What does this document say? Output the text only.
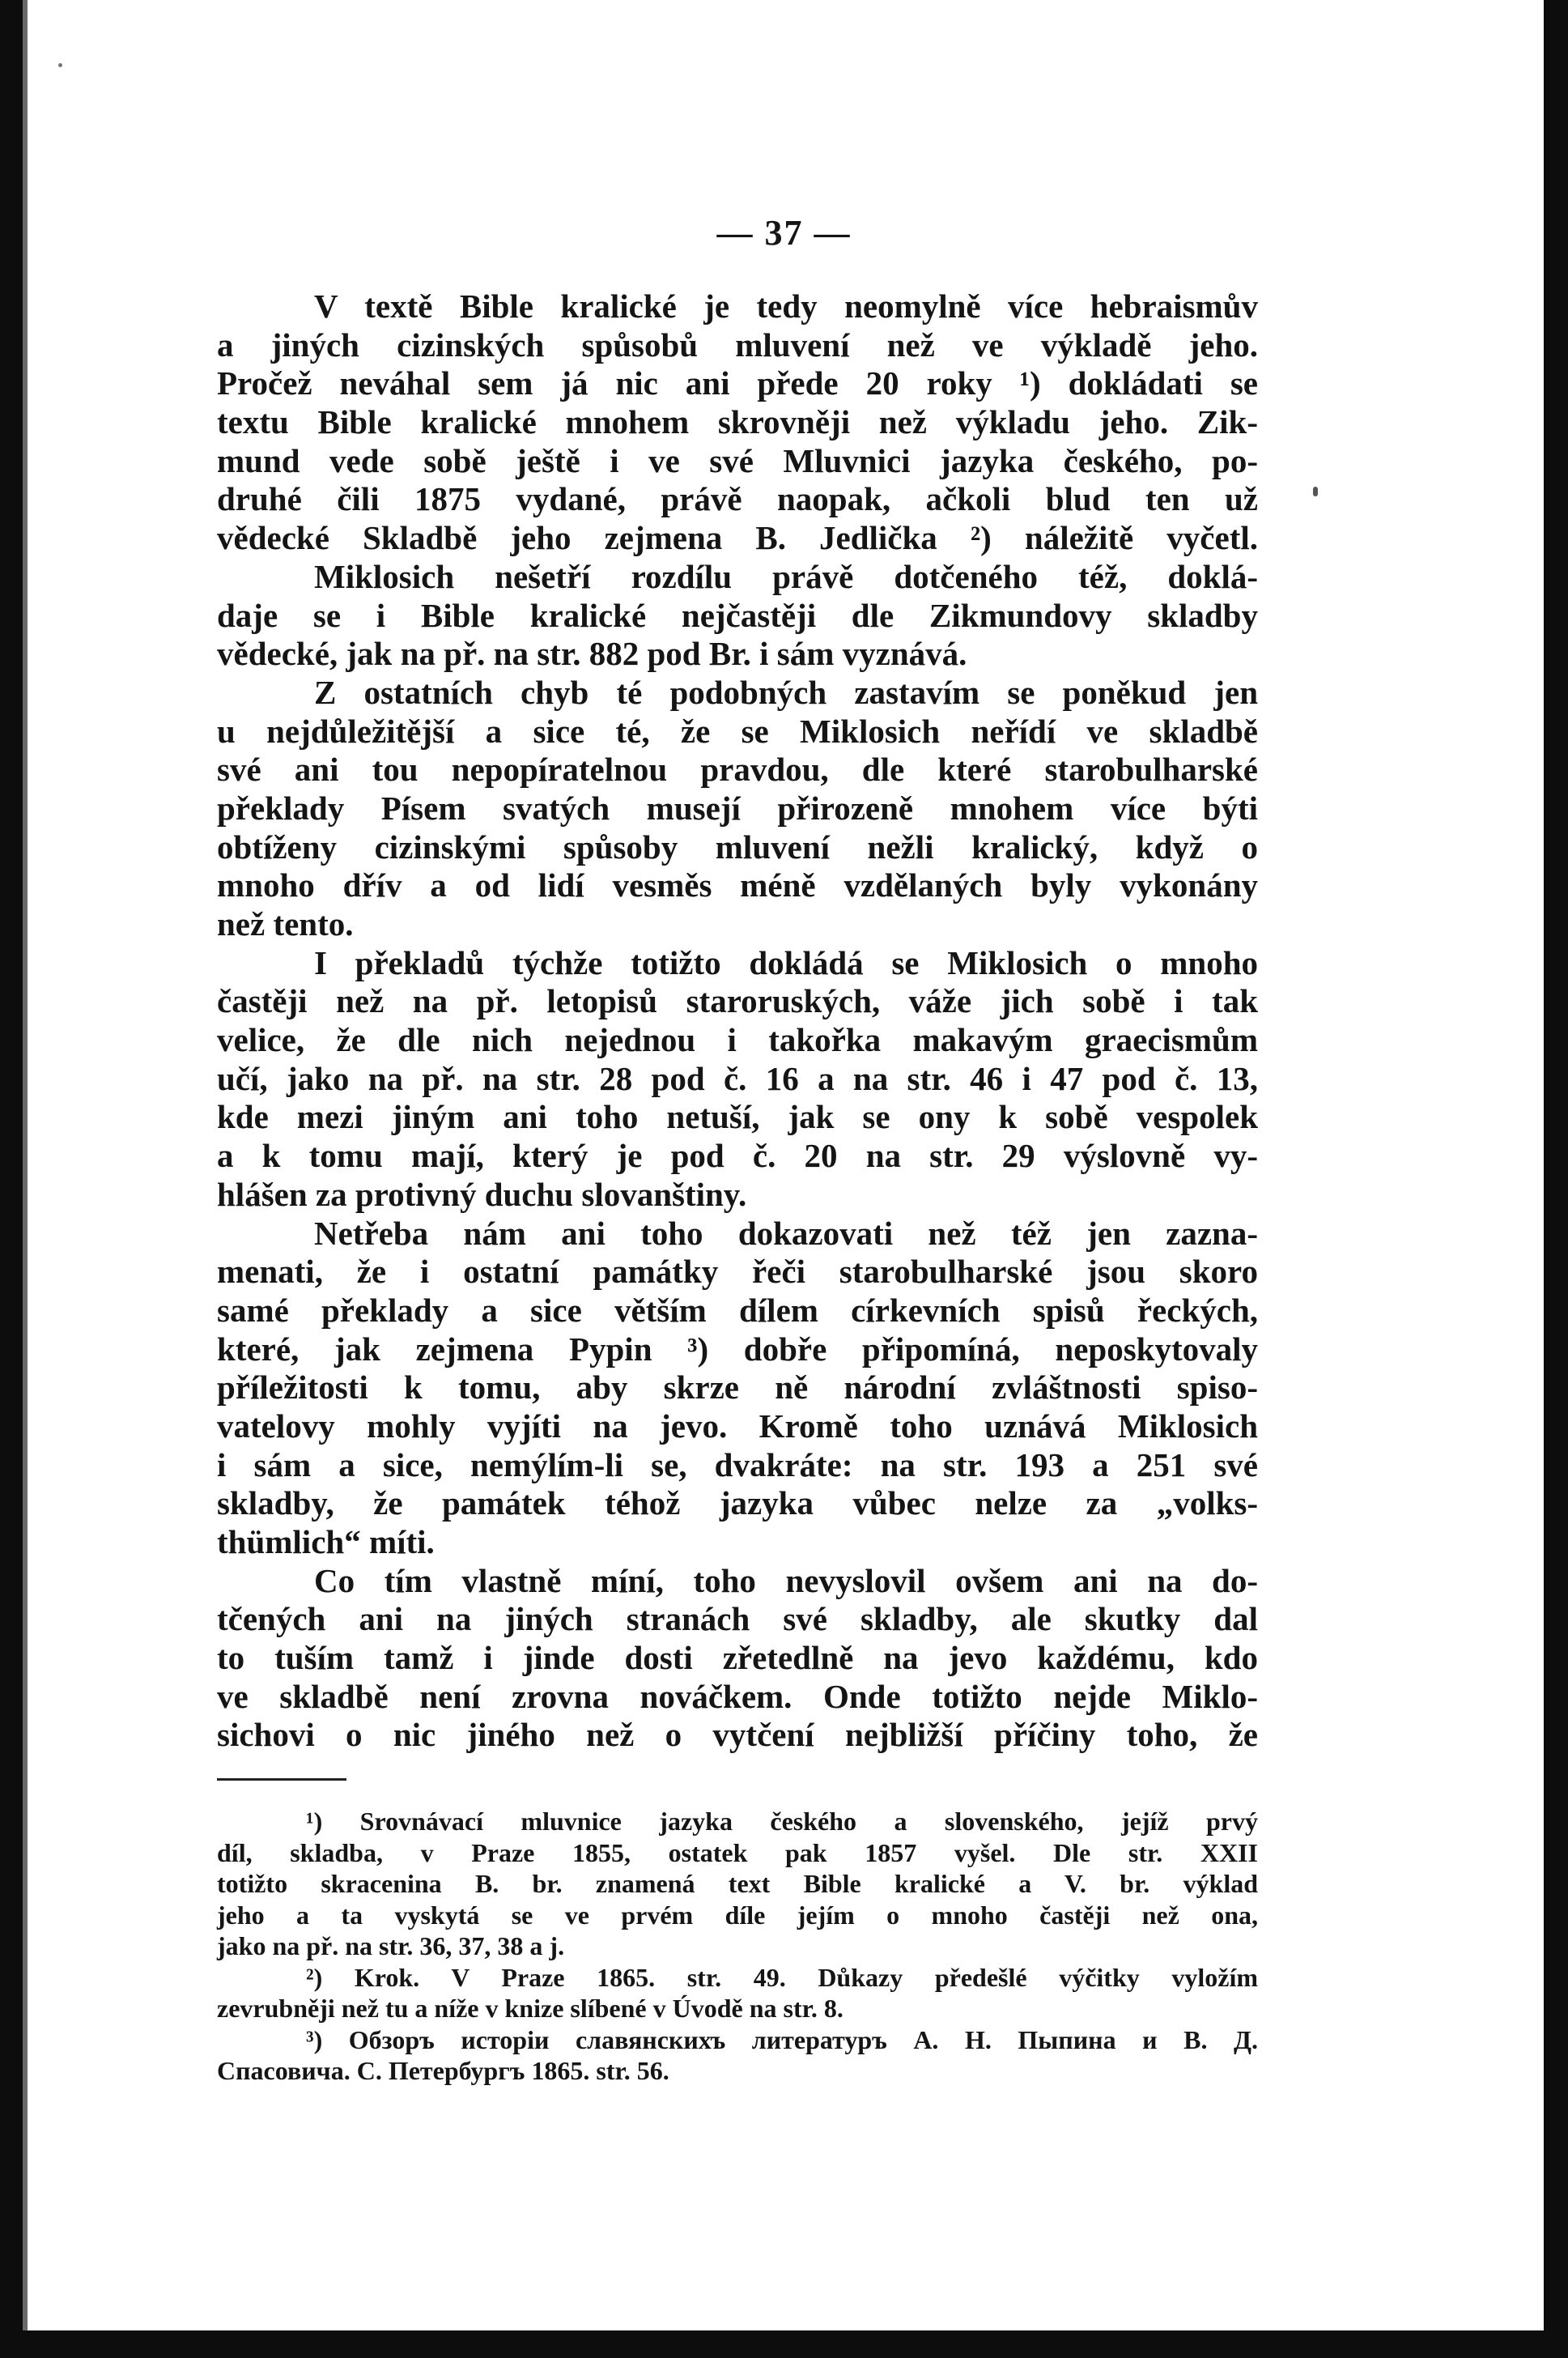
— 37 —
V textě Bible kralické je tedy neomylně více hebraismův
a jiných cizinských spůsobů mluvení než ve výkladě jeho.
Pročež neváhal sem já nic ani přede 20 roky ¹) dokládati se
textu Bible kralické mnohem skrovněji než výkladu jeho. Zik-
mund vede sobě ještě i ve své Mluvnici jazyka českého, po-
druhé čili 1875 vydané, právě naopak, ačkoli blud ten už
vědecké Skladbě jeho zejmena B. Jedlička ²) náležitě vyčetl.
Miklosich nešetří rozdílu právě dotčeného též, doklá-
daje se i Bible kralické nejčastěji dle Zikmundovy skladby
vědecké, jak na př. na str. 882 pod Br. i sám vyznává.
Z ostatních chyb té podobných zastavím se poněkud jen
u nejdůležitější a sice té, že se Miklosich neřídí ve skladbě
své ani tou nepopíratelnou pravdou, dle které starobulharské
překlady Písem svatých musejí přirozeně mnohem více býti
obtíženy cizinskými spůsoby mluvení nežli kralický, když o
mnoho dřív a od lidí vesměs méně vzdělaných byly vykonány
než tento.
I překladů týchže totižto dokládá se Miklosich o mnoho
častěji než na př. letopisů staroruských, váže jich sobě i tak
velice, že dle nich nejednou i takořka makavým graecismům
učí, jako na př. na str. 28 pod č. 16 a na str. 46 i 47 pod č. 13,
kde mezi jiným ani toho netuší, jak se ony k sobě vespolek
a k tomu mají, který je pod č. 20 na str. 29 výslovně vy-
hlášen za protivný duchu slovanštiny.
Netřeba nám ani toho dokazovati než též jen zazna-
menati, že i ostatní památky řeči starobulharské jsou skoro
samé překlady a sice větším dílem církevních spisů řeckých,
které, jak zejmena Pypin ³) dobře připomíná, neposkytovaly
příležitosti k tomu, aby skrze ně národní zvláštnosti spiso-
vatelovy mohly vyjíti na jevo. Kromě toho uznává Miklosich
i sám a sice, nemýlím-li se, dvakráte: na str. 193 a 251 své
skladby, že památek téhož jazyka vůbec nelze za „volks-
thümlich“ míti.
Co tím vlastně míní, toho nevyslovil ovšem ani na do-
tčených ani na jiných stranách své skladby, ale skutky dal
to tuším tamž i jinde dosti zřetedlně na jevo každému, kdo
ve skladbě není zrovna nováčkem. Onde totižto nejde Miklo-
sichovi o nic jiného než o vytčení nejbližší příčiny toho, že
¹) Srovnávací mluvnice jazyka českého a slovenského, jejíž prvý
díl, skladba, v Praze 1855, ostatek pak 1857 vyšel. Dle str. XXII
totižto skracenina B. br. znamená text Bible kralické a V. br. výklad
jeho a ta vyskytá se ve prvém díle jejím o mnoho častěji než ona,
jako na př. na str. 36, 37, 38 a j.
²) Krok. V Praze 1865. str. 49. Důkazy předešlé výčitky vyložím
zevrubněji než tu a níže v knize slíbené v Úvodě na str. 8.
³) Обзоръ исторіи славянскихъ литературъ А. Н. Пыпина и В. Д.
Спасовича. С. Петербургъ 1865. str. 56.
